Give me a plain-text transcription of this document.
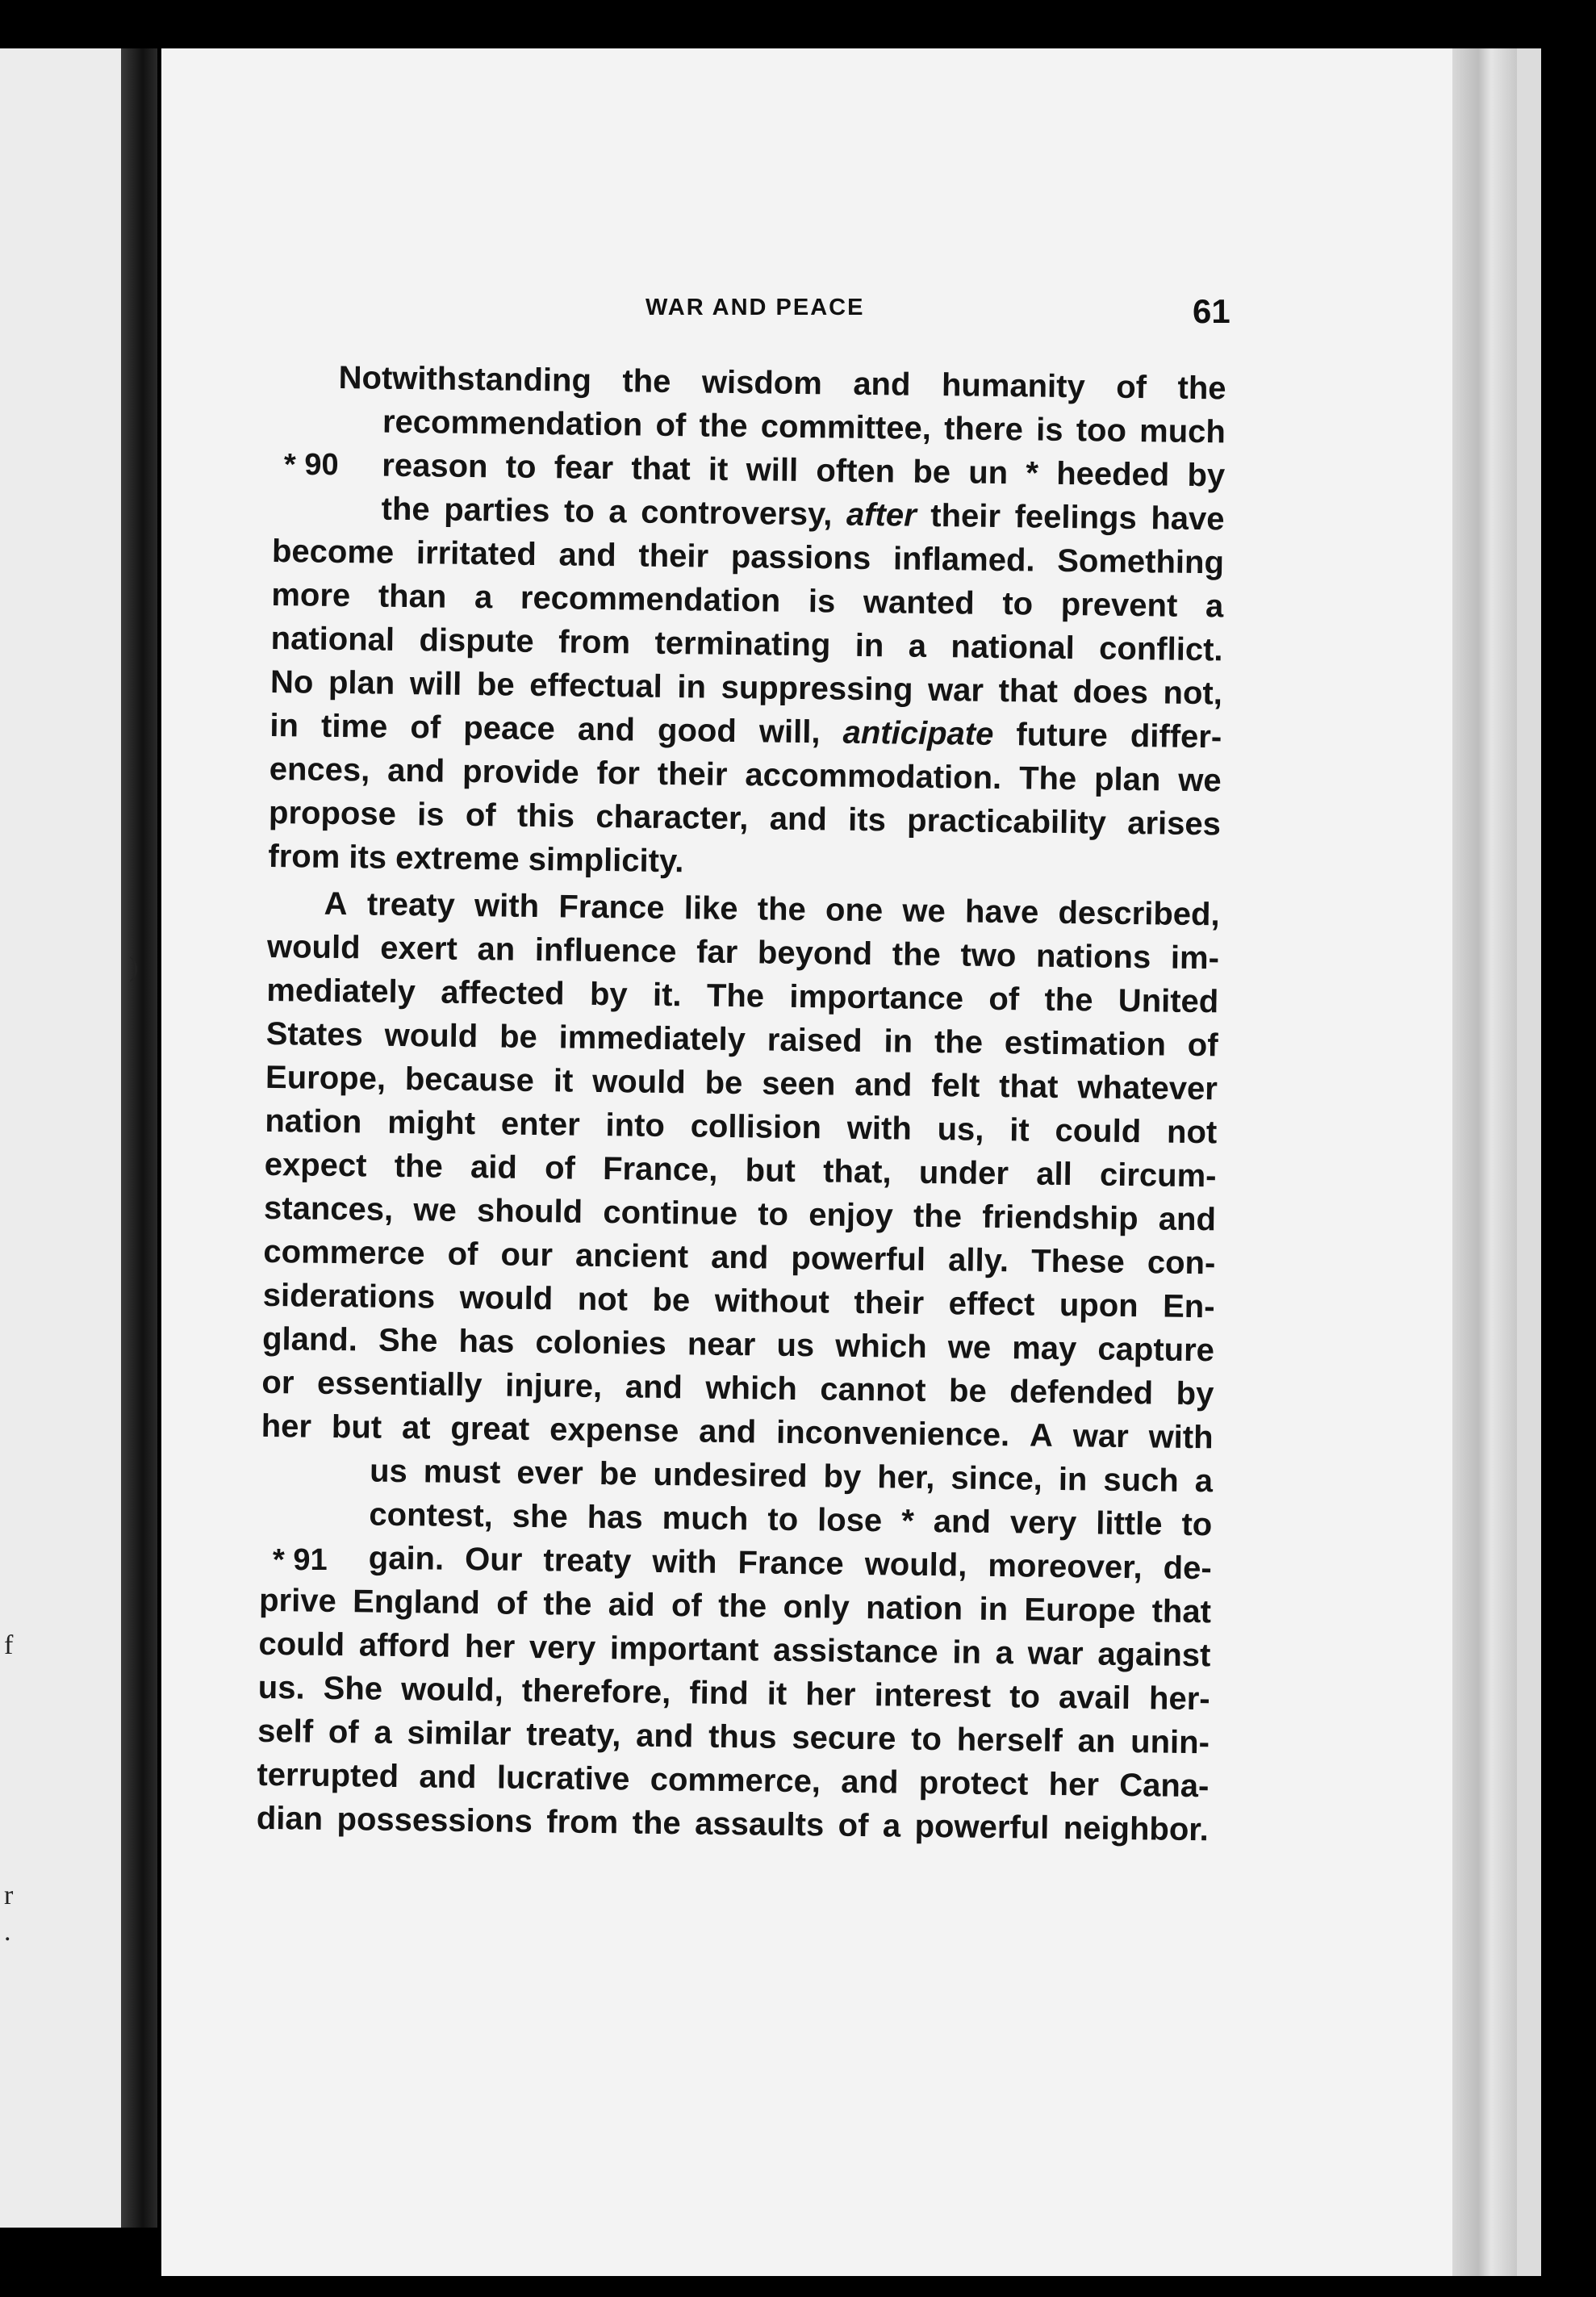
)
f
r
.
WAR AND PEACE	61
* 90
* 91
Notwithstanding the wisdom and humanity of the
recommendation of the committee, there is too much
reason to fear that it will often be un * heeded by
the parties to a controversy, after their feelings have
become irritated and their passions inflamed. Something
more than a recommendation is wanted to prevent a
national dispute from terminating in a national conflict.
No plan will be effectual in suppressing war that does not,
in time of peace and good will, anticipate future differ-
ences, and provide for their accommodation. The plan we
propose is of this character, and its practicability arises
from its extreme simplicity.
A treaty with France like the one we have described,
would exert an influence far beyond the two nations im-
mediately affected by it. The importance of the United
States would be immediately raised in the estimation of
Europe, because it would be seen and felt that whatever
nation might enter into collision with us, it could not
expect the aid of France, but that, under all circum-
stances, we should continue to enjoy the friendship and
commerce of our ancient and powerful ally. These con-
siderations would not be without their effect upon En-
gland. She has colonies near us which we may capture
or essentially injure, and which cannot be defended by
her but at great expense and inconvenience. A war with
us must ever be undesired by her, since, in such a
contest, she has much to lose * and very little to
gain. Our treaty with France would, moreover, de-
prive England of the aid of the only nation in Europe that
could afford her very important assistance in a war against
us. She would, therefore, find it her interest to avail her-
self of a similar treaty, and thus secure to herself an unin-
terrupted and lucrative commerce, and protect her Cana-
dian possessions from the assaults of a powerful neighbor.
